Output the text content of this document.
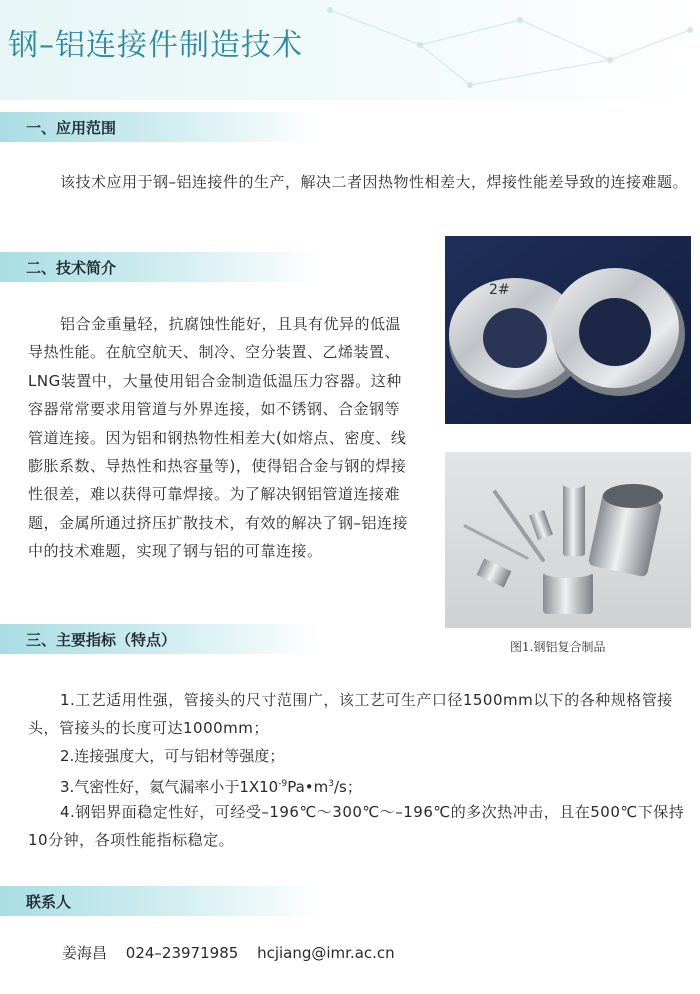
钢–铝连接件制造技术
一、应用范围

该技术应用于钢–铝连接件的生产，解决二者因热物性相差大，焊接性能差导致的连接难题。

二、技术简介

铝合金重量轻，抗腐蚀性能好，且具有优异的低温导热性能。在航空航天、制冷、空分装置、乙烯装置、LNG装置中，大量使用铝合金制造低温压力容器。这种容器常常要求用管道与外界连接，如不锈钢、合金钢等管道连接。因为铝和钢热物性相差大(如熔点、密度、线膨胀系数、导热性和热容量等)，使得铝合金与钢的焊接性很差，难以获得可靠焊接。为了解决钢铝管道连接难题，金属所通过挤压扩散技术，有效的解决了钢–铝连接中的技术难题，实现了钢与铝的可靠连接。

2#
图1.钢铝复合制品
三、主要指标（特点）

1.工艺适用性强，管接头的尺寸范围广，该工艺可生产口径1500mm以下的各种规格管接头，管接头的长度可达1000mm；

2.连接强度大，可与铝材等强度；

3.气密性好，氦气漏率小于$1X10^{-9}Pa•m^3/s$；

4.钢铝界面稳定性好，可经受–196℃～300℃～–196℃的多次热冲击，且在500℃下保持10分钟，各项性能指标稳定。

联系人
姜海昌 024–23971985 hcjiang@imr.ac.cn
